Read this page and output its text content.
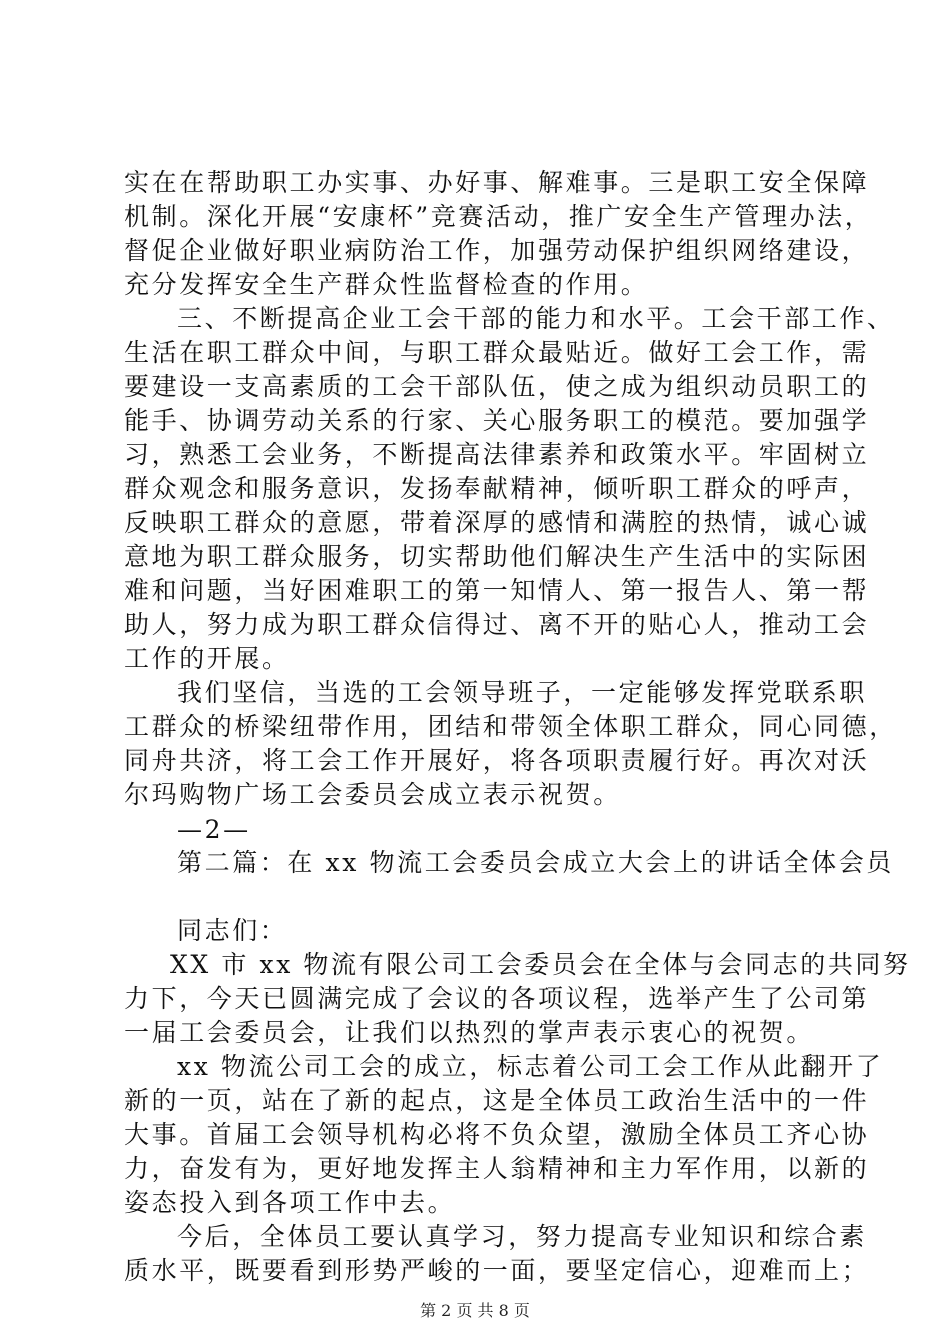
实在在帮助职工办实事、办好事、解难事。三是职工安全保障
机制。深化开展“安康杯”竞赛活动，推广安全生产管理办法，
督促企业做好职业病防治工作，加强劳动保护组织网络建设，
充分发挥安全生产群众性监督检查的作用。
三、不断提高企业工会干部的能力和水平。工会干部工作、
生活在职工群众中间，与职工群众最贴近。做好工会工作，需
要建设一支高素质的工会干部队伍，使之成为组织动员职工的
能手、协调劳动关系的行家、关心服务职工的模范。要加强学
习，熟悉工会业务，不断提高法律素养和政策水平。牢固树立
群众观念和服务意识，发扬奉献精神，倾听职工群众的呼声，
反映职工群众的意愿，带着深厚的感情和满腔的热情，诚心诚
意地为职工群众服务，切实帮助他们解决生产生活中的实际困
难和问题，当好困难职工的第一知情人、第一报告人、第一帮
助人，努力成为职工群众信得过、离不开的贴心人，推动工会
工作的开展。
我们坚信，当选的工会领导班子，一定能够发挥党联系职
工群众的桥梁纽带作用，团结和带领全体职工群众，同心同德，
同舟共济，将工会工作开展好，将各项职责履行好。再次对沃
尔玛购物广场工会委员会成立表示祝贺。
—2—
第二篇：在 xx 物流工会委员会成立大会上的讲话全体会员
同志们：
XX 市 xx 物流有限公司工会委员会在全体与会同志的共同努
力下，今天已圆满完成了会议的各项议程，选举产生了公司第
一届工会委员会，让我们以热烈的掌声表示衷心的祝贺。
xx 物流公司工会的成立，标志着公司工会工作从此翻开了
新的一页，站在了新的起点，这是全体员工政治生活中的一件
大事。首届工会领导机构必将不负众望，激励全体员工齐心协
力，奋发有为，更好地发挥主人翁精神和主力军作用，以新的
姿态投入到各项工作中去。
今后，全体员工要认真学习，努力提高专业知识和综合素
质水平，既要看到形势严峻的一面，要坚定信心，迎难而上；
第 2 页 共 8 页
